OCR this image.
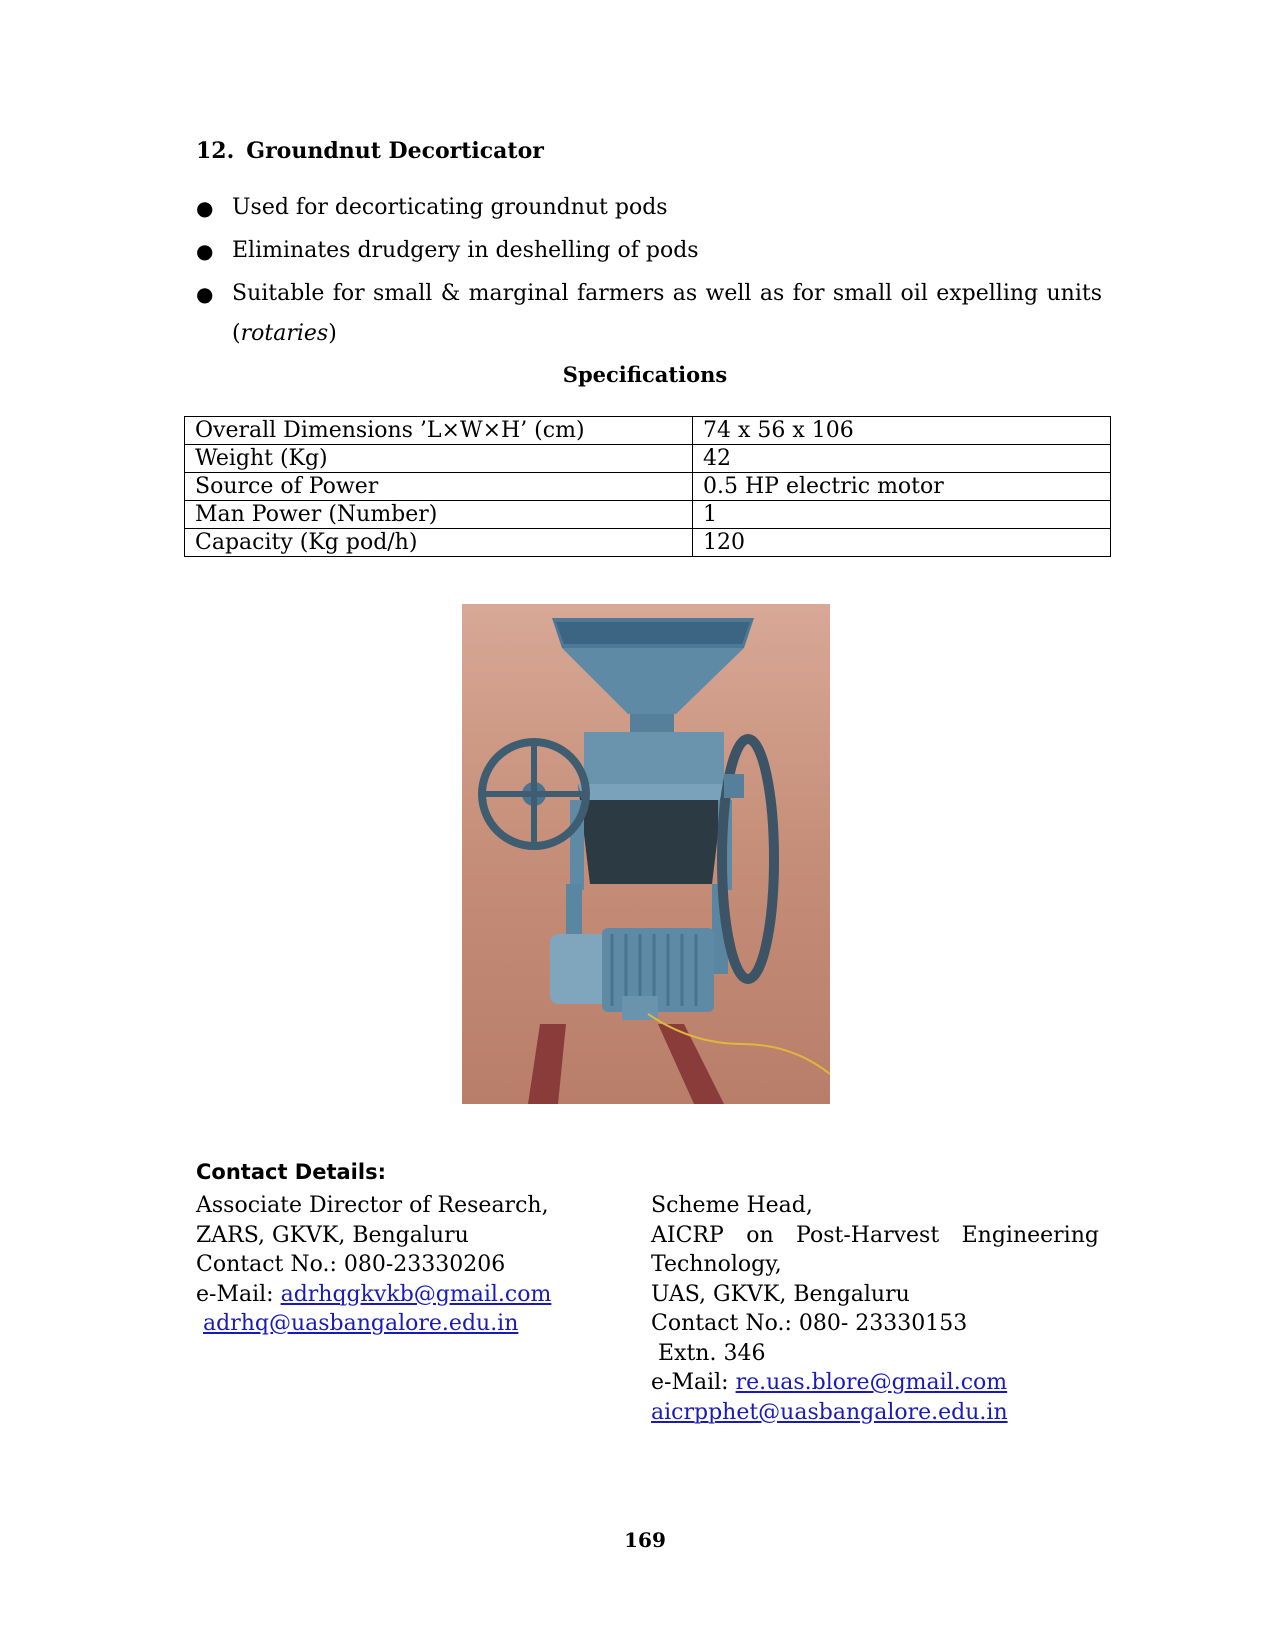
12. Groundnut Decorticator
● Used for decorticating groundnut pods
● Eliminates drudgery in deshelling of pods
● Suitable for small & marginal farmers as well as for small oil expelling units (rotaries)

Specifications

Overall Dimensions ’L×W×H’ (cm)	74 x 56 x 106
Weight (Kg)	42
Source of Power	0.5 HP electric motor
Man Power (Number)	1
Capacity (Kg pod/h)	120
Contact Details:
Associate Director of Research,
ZARS, GKVK, Bengaluru
Contact No.: 080-23330206
e-Mail: adrhqgkvkb@gmail.com
adrhq@uasbangalore.edu.in
Scheme Head,
AICRP on Post-Harvest Engineering
Technology,
UAS, GKVK, Bengaluru
Contact No.: 080- 23330153
Extn. 346
e-Mail: re.uas.blore@gmail.com
aicrpphet@uasbangalore.edu.in
169
